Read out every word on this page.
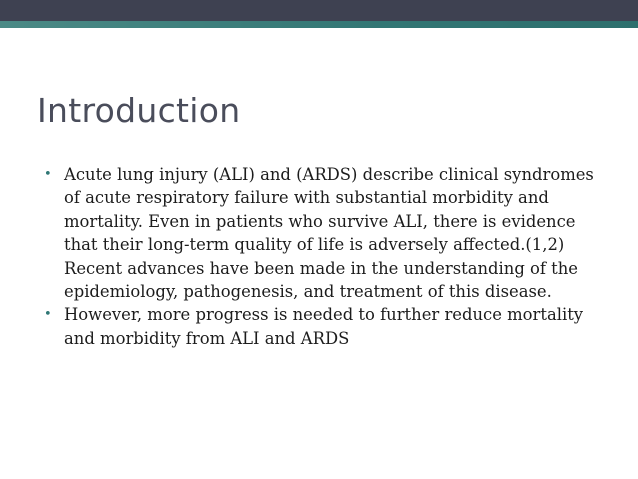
Introduction
• Acute lung injury (ALI) and (ARDS) describe clinical syndromes of acute respiratory failure with substantial morbidity and mortality. Even in patients who survive ALI, there is evidence that their long-term quality of life is adversely affected.(1,2) Recent advances have been made in the understanding of the epidemiology, pathogenesis, and treatment of this disease.
• However, more progress is needed to further reduce mortality and morbidity from ALI and ARDS
